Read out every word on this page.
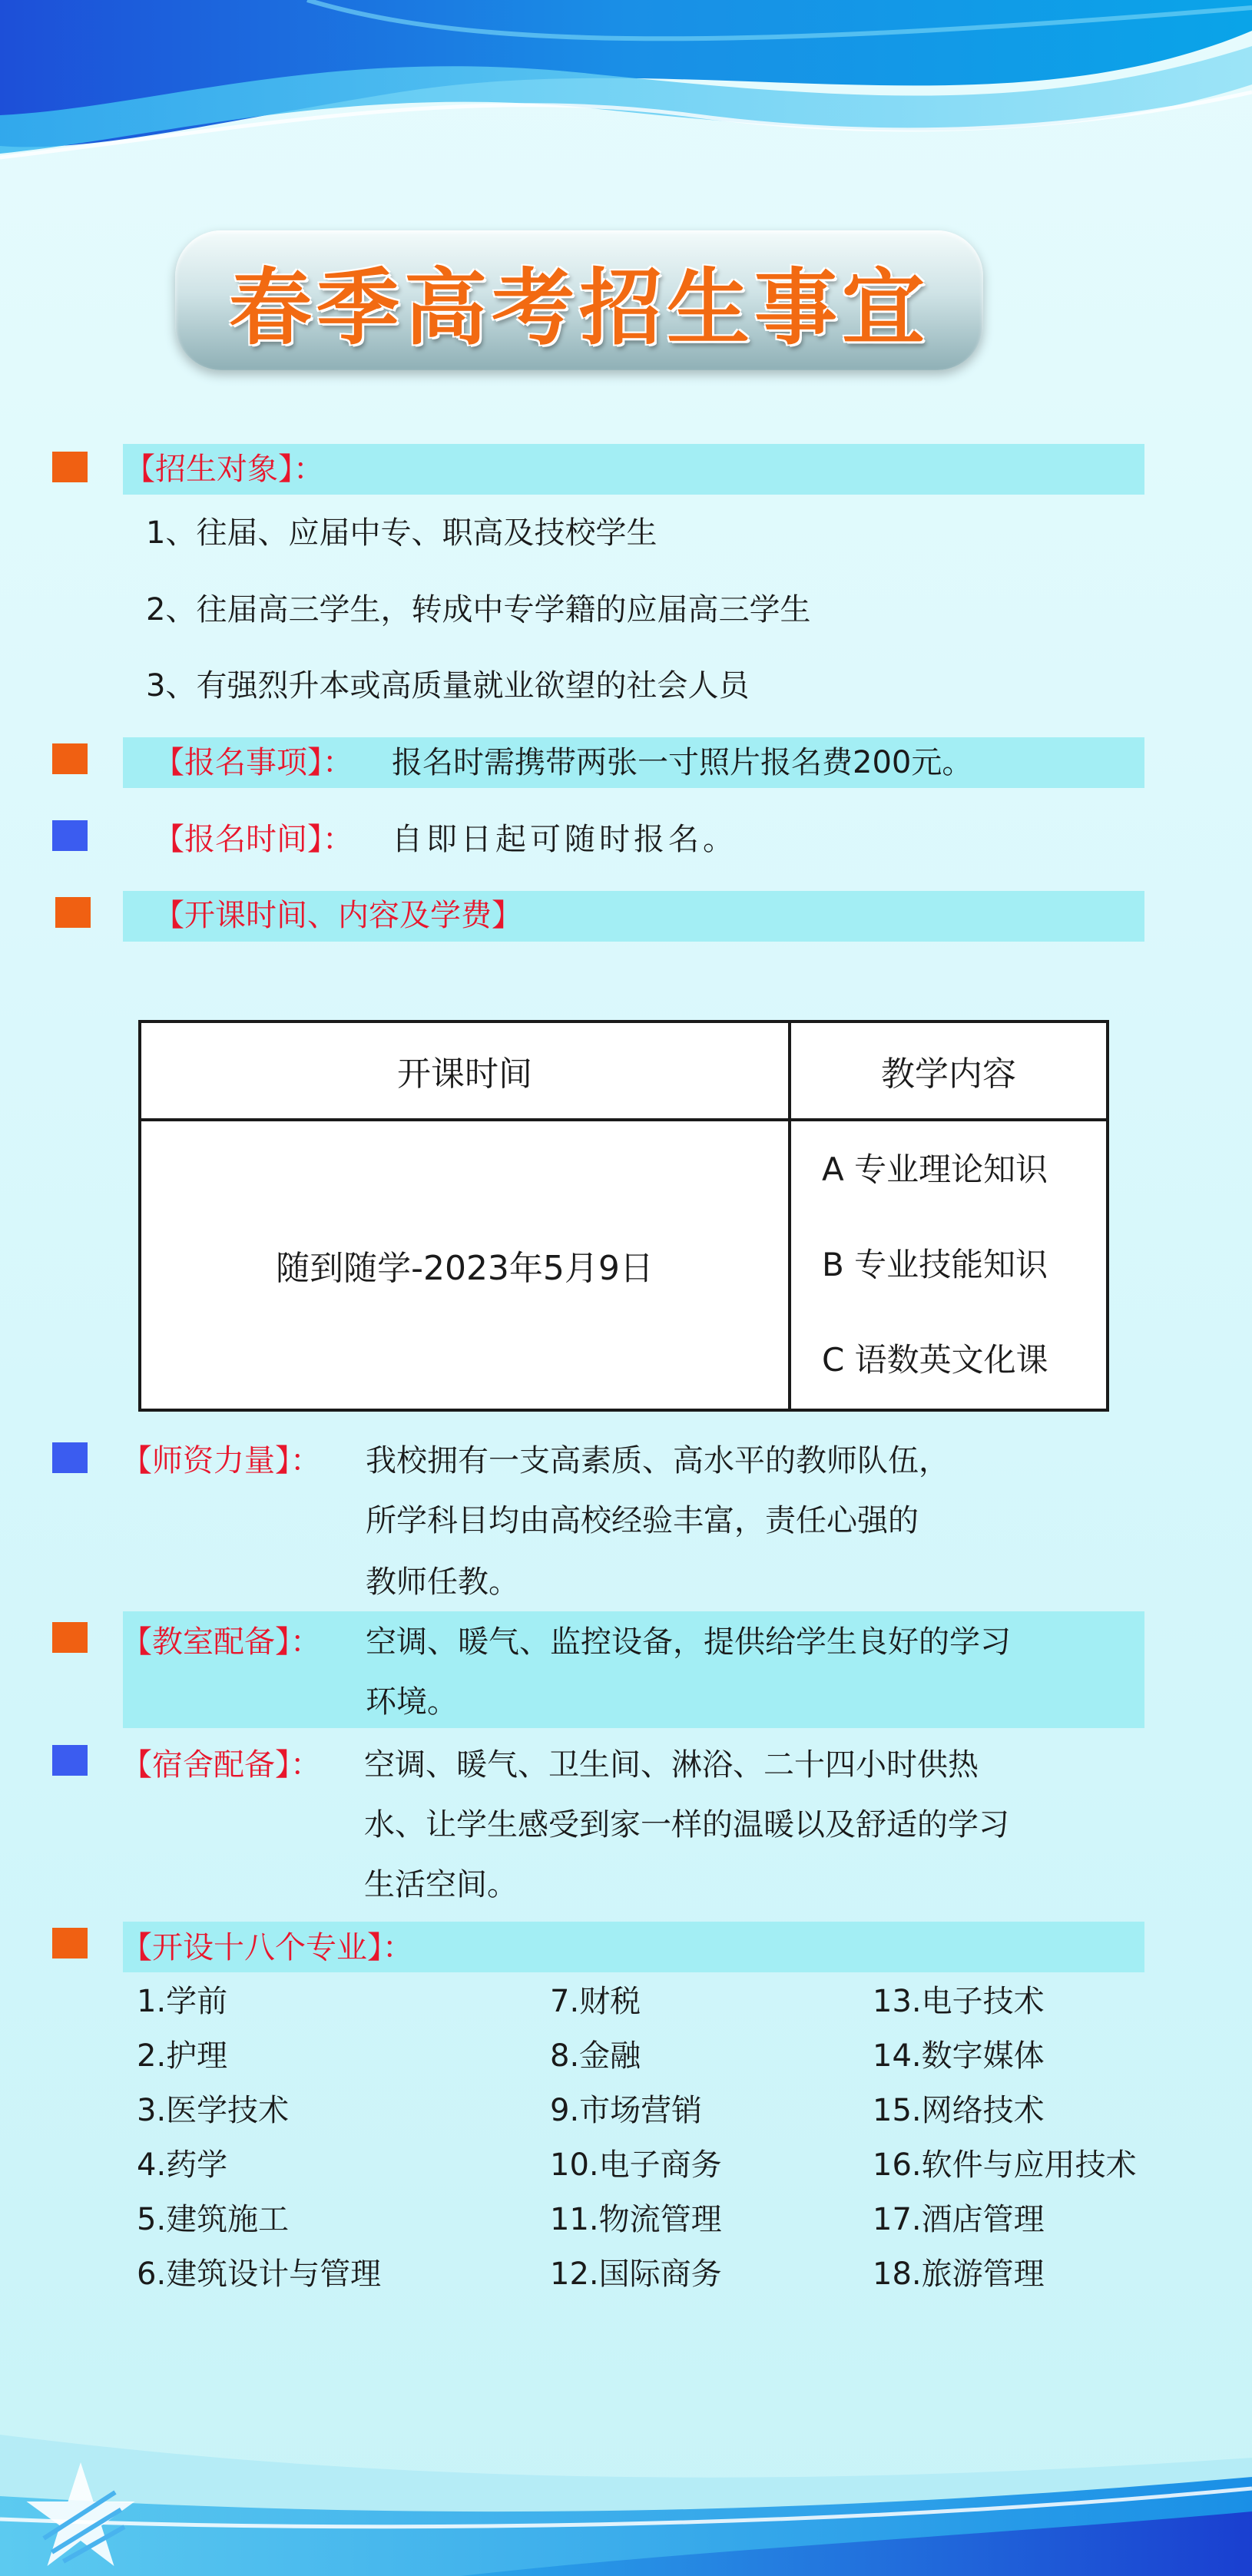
春季高考招生事宜
【招生对象】：
1、往届、应届中专、职高及技校学生
2、往届高三学生，转成中专学籍的应届高三学生
3、有强烈升本或高质量就业欲望的社会人员
【报名事项】： 报名时需携带两张一寸照片报名费200元。
【报名时间】： 自即日起可随时报名。
【开课时间、内容及学费】
开课时间	教学内容
随到随学-2023年5月9日	A 专业理论知识
B 专业技能知识
C 语数英文化课
【师资力量】： 我校拥有一支高素质、高水平的教师队伍，
所学科目均由高校经验丰富，责任心强的
教师任教。
【教室配备】： 空调、暖气、监控设备，提供给学生良好的学习
环境。
【宿舍配备】： 空调、暖气、卫生间、淋浴、二十四小时供热
水、让学生感受到家一样的温暖以及舒适的学习
生活空间。
【开设十八个专业】：
1.学前
2.护理
3.医学技术
4.药学
5.建筑施工
6.建筑设计与管理
7.财税
8.金融
9.市场营销
10.电子商务
11.物流管理
12.国际商务
13.电子技术
14.数字媒体
15.网络技术
16.软件与应用技术
17.酒店管理
18.旅游管理
